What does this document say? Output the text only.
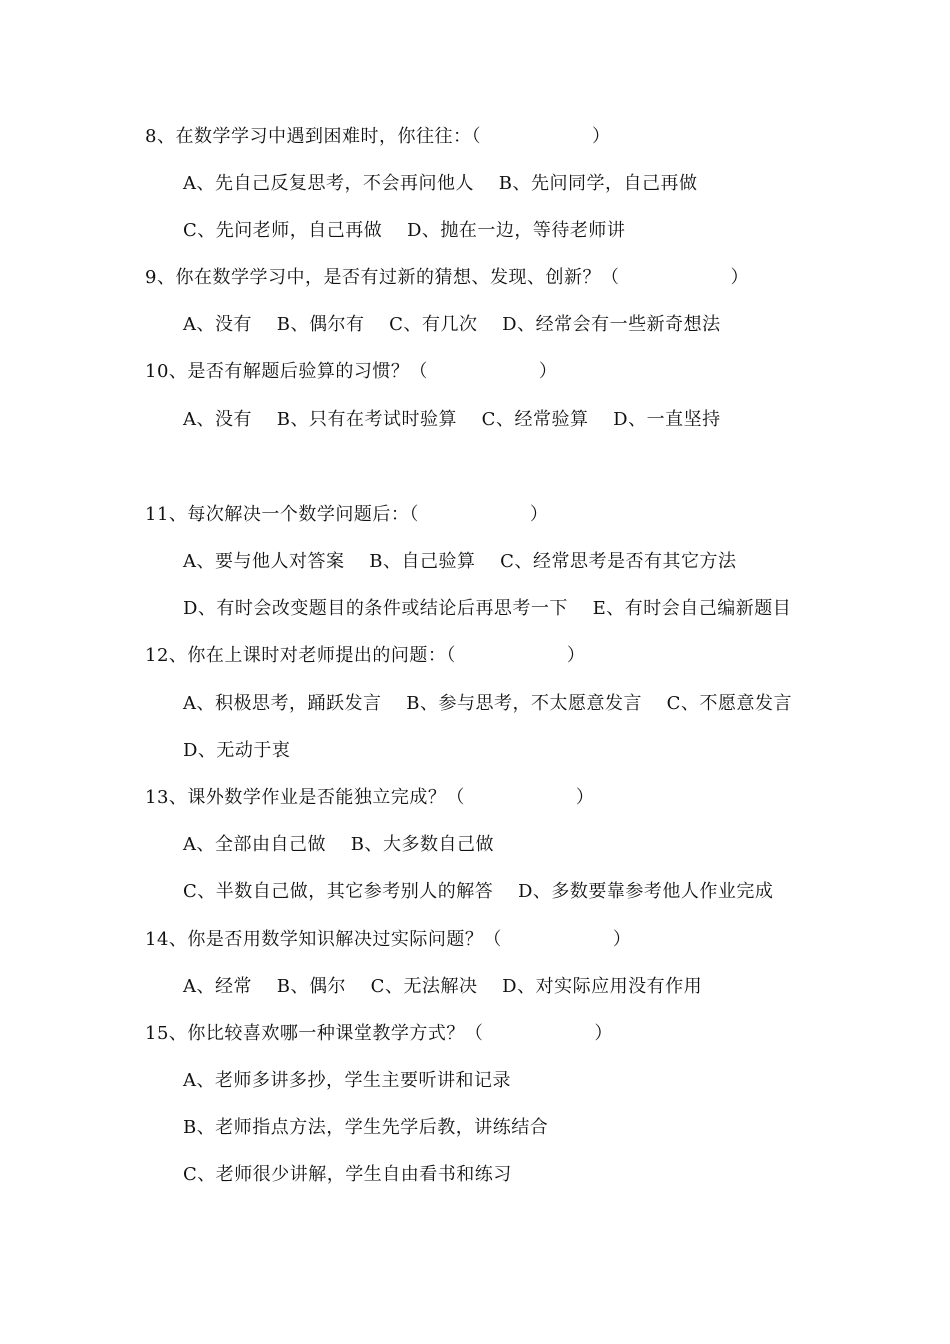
8、在数学学习中遇到困难时，你往往：（　　　　　　）
A、先自己反复思考，不会再问他人　 B、先问同学，自己再做
C、先问老师，自己再做　 D、抛在一边，等待老师讲
9、你在数学学习中，是否有过新的猜想、发现、创新？（　　　　　　）
A、没有　 B、偶尔有　 C、有几次　 D、经常会有一些新奇想法
10、是否有解题后验算的习惯？（　　　　　　）
A、没有　 B、只有在考试时验算　 C、经常验算　 D、一直坚持
11、每次解决一个数学问题后：（　　　　　　）
A、要与他人对答案　 B、自己验算　 C、经常思考是否有其它方法
D、有时会改变题目的条件或结论后再思考一下　 E、有时会自己编新题目
12、你在上课时对老师提出的问题：（　　　　　　）
A、积极思考，踊跃发言　 B、参与思考，不太愿意发言　 C、不愿意发言
D、无动于衷
13、课外数学作业是否能独立完成？（　　　　　　）
A、全部由自己做　 B、大多数自己做
C、半数自己做，其它参考别人的解答　 D、多数要靠参考他人作业完成
14、你是否用数学知识解决过实际问题？（　　　　　　）
A、经常　 B、偶尔　 C、无法解决　 D、对实际应用没有作用
15、你比较喜欢哪一种课堂教学方式？（　　　　　　）
A、老师多讲多抄，学生主要听讲和记录
B、老师指点方法，学生先学后教，讲练结合
C、老师很少讲解，学生自由看书和练习
